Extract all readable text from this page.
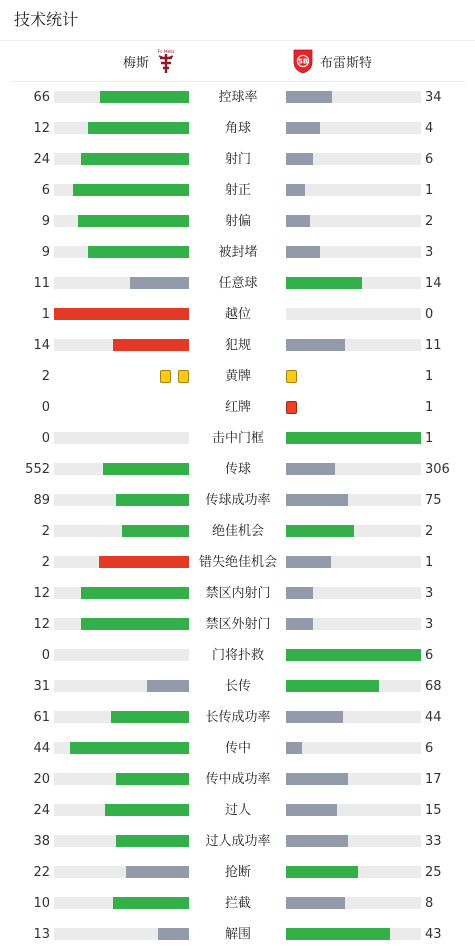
技术统计
梅斯
Fc Metz
SB 布雷斯特
66	控球率	34
12	角球	4
24	射门	6
6	射正	1
9	射偏	2
9	被封堵	3
11	任意球	14
1	越位	0
14	犯规	11
2	黄牌	1
0	红牌	1
0	击中门框	1
552	传球	306
89	传球成功率	75
2	绝佳机会	2
2	错失绝佳机会	1
12	禁区内射门	3
12	禁区外射门	3
0	门将扑救	6
31	长传	68
61	长传成功率	44
44	传中	6
20	传中成功率	17
24	过人	15
38	过人成功率	33
22	抢断	25
10	拦截	8
13	解围	43
